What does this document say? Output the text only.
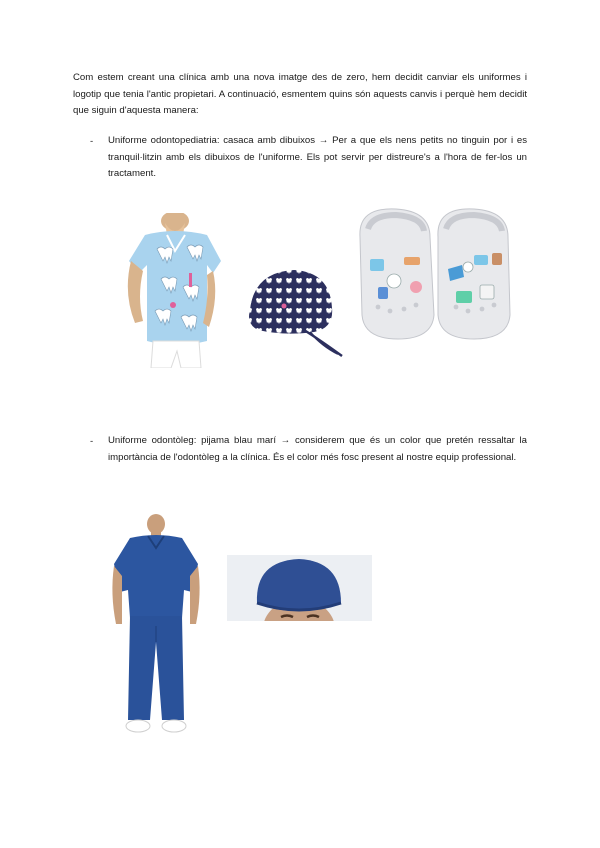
Com estem creant una clínica amb una nova imatge des de zero, hem decidit canviar els uniformes i logotip que tenia l'antic propietari. A continuació, esmentem quins són aquests canvis i perquè hem decidit que siguin d'aquesta manera:
- Uniforme odontopediatria: casaca amb dibuixos → Per a que els nens petits no tinguin por i es tranquil·litzin amb els dibuixos de l'uniforme. Els pot servir per distreure's a l'hora de fer-los un tractament.
- Uniforme odontòleg: pijama blau marí → considerem que és un color que pretén ressaltar la importància de l'odontòleg a la clínica. És el color més fosc present al nostre equip professional.
